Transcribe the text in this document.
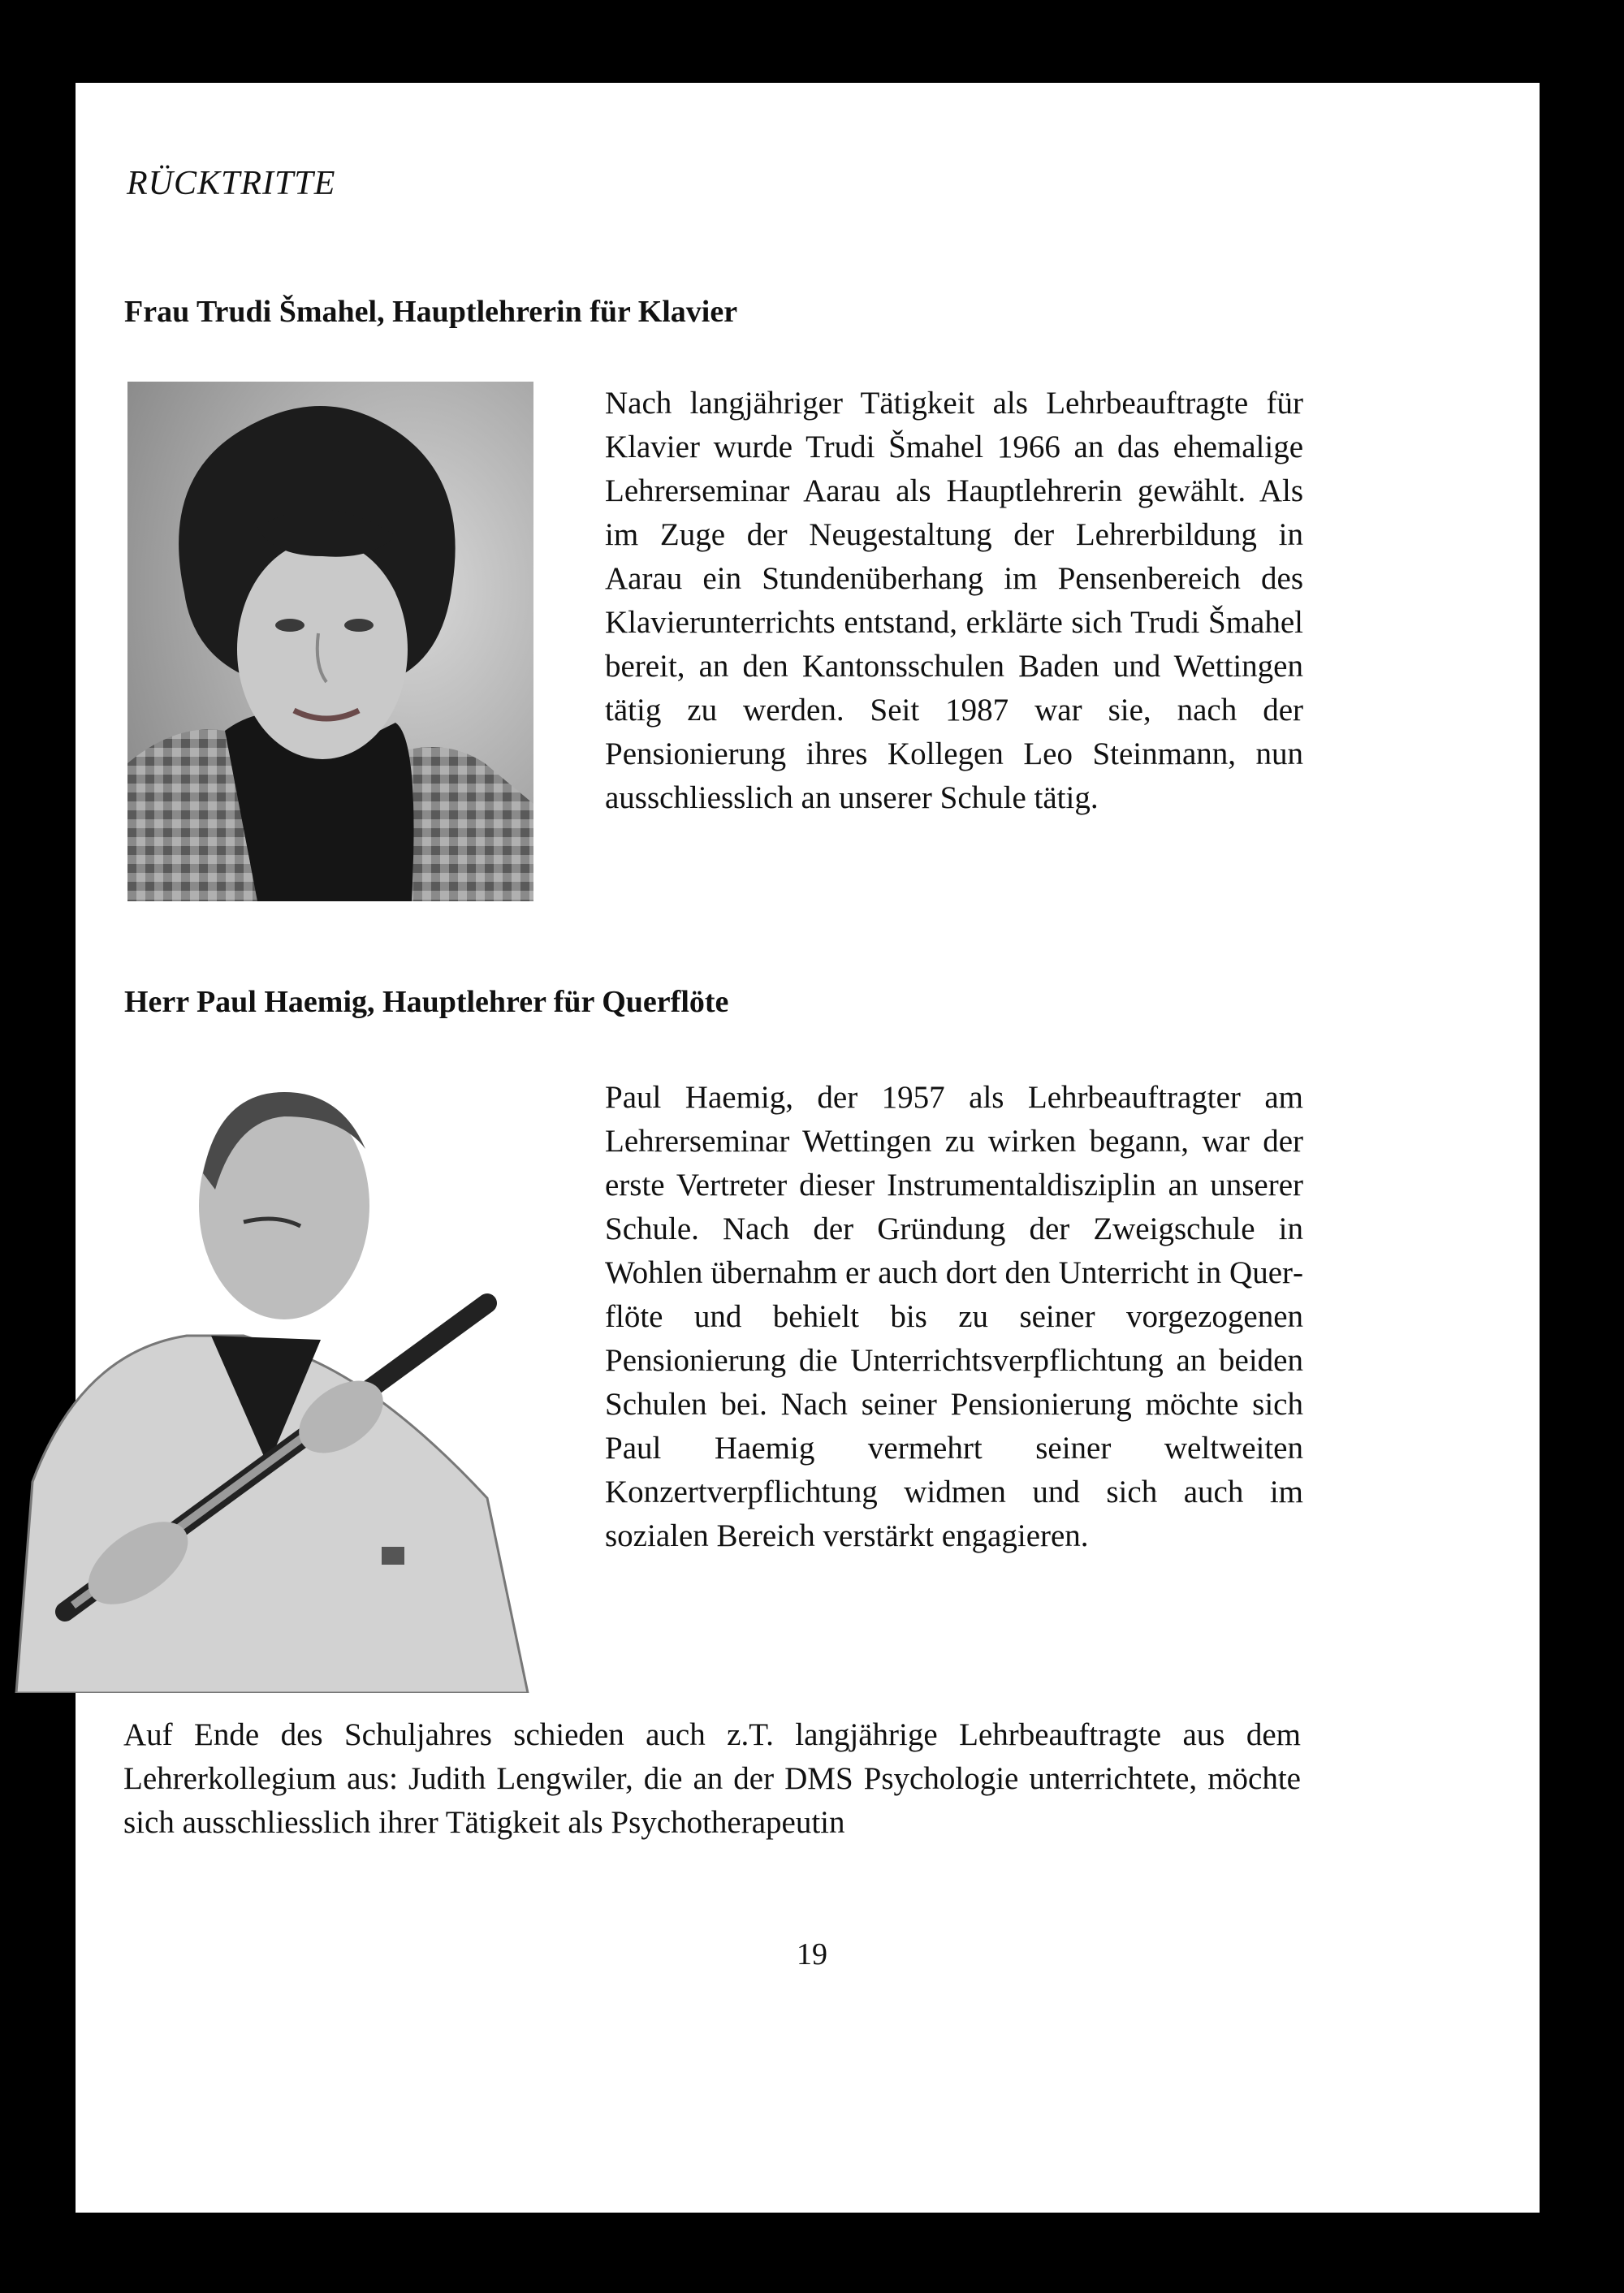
RÜCKTRITTE
Frau Trudi Šmahel, Hauptlehrerin für Klavier
Nach langjähriger Tätigkeit als Lehrbeauftragte für Klavier wurde Trudi Šmahel 1966 an das ehemalige Lehrerseminar Aarau als Hauptlehrerin gewählt. Als im Zuge der Neugestaltung der Lehrerbildung in Aarau ein Stundenüberhang im Pensenbereich des Klavierunterrichts entstand, erklärte sich Trudi Šmahel bereit, an den Kantonsschulen Baden und Wettingen tätig zu werden. Seit 1987 war sie, nach der Pensionierung ihres Kollegen Leo Steinmann, nun ausschliesslich an unserer Schule tätig.
Herr Paul Haemig, Hauptlehrer für Querflöte
Paul Haemig, der 1957 als Lehrbeauftragter am Lehrerseminar Wettingen zu wirken begann, war der erste Vertreter dieser Instrumentaldisziplin an unserer Schule. Nach der Gründung der Zweigschule in Wohlen übernahm er auch dort den Unterricht in Querflöte und behielt bis zu seiner vorgezogenen Pensionierung die Unterrichtsverpflichtung an beiden Schulen bei. Nach seiner Pensionierung möchte sich Paul Haemig vermehrt seiner weltweiten Konzertverpflichtung widmen und sich auch im sozialen Bereich verstärkt engagieren.
Auf Ende des Schuljahres schieden auch z.T. langjährige Lehrbeauftragte aus dem Lehrerkollegium aus: Judith Lengwiler, die an der DMS Psychologie unterrichtete, möchte sich ausschliesslich ihrer Tätigkeit als Psychotherapeutin
19
